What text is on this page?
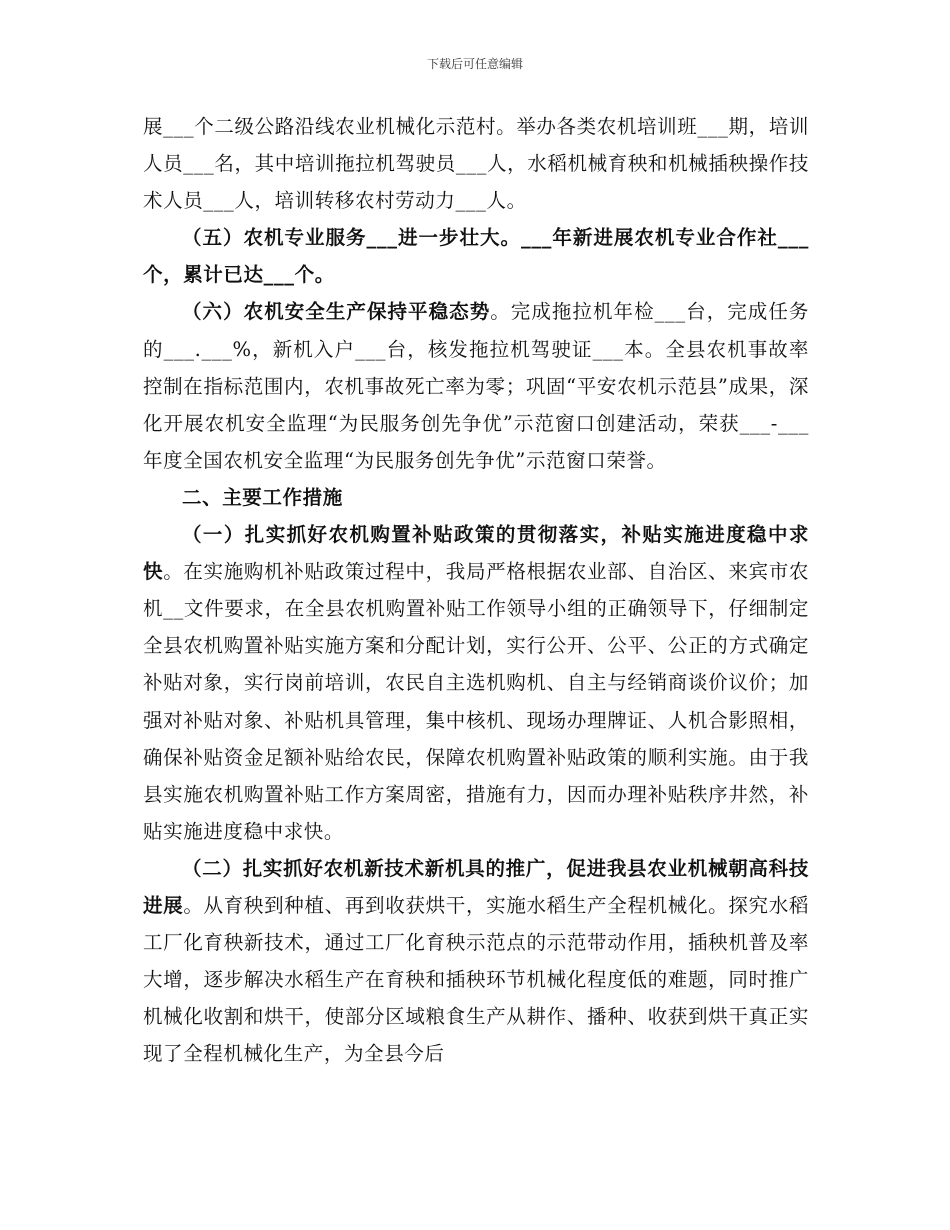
下载后可任意编辑

展___个二级公路沿线农业机械化示范村。举办各类农机培训班___期，培训人员___名，其中培训拖拉机驾驶员___人，水稻机械育秧和机械插秧操作技术人员___人，培训转移农村劳动力___人。

（五）农机专业服务___进一步壮大。___年新进展农机专业合作社___个，累计已达___个。

（六）农机安全生产保持平稳态势。完成拖拉机年检___台，完成任务的___.___%，新机入户___台，核发拖拉机驾驶证___本。全县农机事故率控制在指标范围内，农机事故死亡率为零；巩固“平安农机示范县”成果，深化开展农机安全监理“为民服务创先争优”示范窗口创建活动，荣获___-___年度全国农机安全监理“为民服务创先争优”示范窗口荣誉。

二、主要工作措施

（一）扎实抓好农机购置补贴政策的贯彻落实，补贴实施进度稳中求快。在实施购机补贴政策过程中，我局严格根据农业部、自治区、来宾市农机__文件要求，在全县农机购置补贴工作领导小组的正确领导下，仔细制定全县农机购置补贴实施方案和分配计划，实行公开、公平、公正的方式确定补贴对象，实行岗前培训，农民自主选机购机、自主与经销商谈价议价；加强对补贴对象、补贴机具管理，集中核机、现场办理牌证、人机合影照相，确保补贴资金足额补贴给农民，保障农机购置补贴政策的顺利实施。由于我县实施农机购置补贴工作方案周密，措施有力，因而办理补贴秩序井然，补贴实施进度稳中求快。

（二）扎实抓好农机新技术新机具的推广，促进我县农业机械朝高科技进展。从育秧到种植、再到收获烘干，实施水稻生产全程机械化。探究水稻工厂化育秧新技术，通过工厂化育秧示范点的示范带动作用，插秧机普及率大增，逐步解决水稻生产在育秧和插秧环节机械化程度低的难题，同时推广机械化收割和烘干，使部分区域粮食生产从耕作、播种、收获到烘干真正实现了全程机械化生产，为全县今后
